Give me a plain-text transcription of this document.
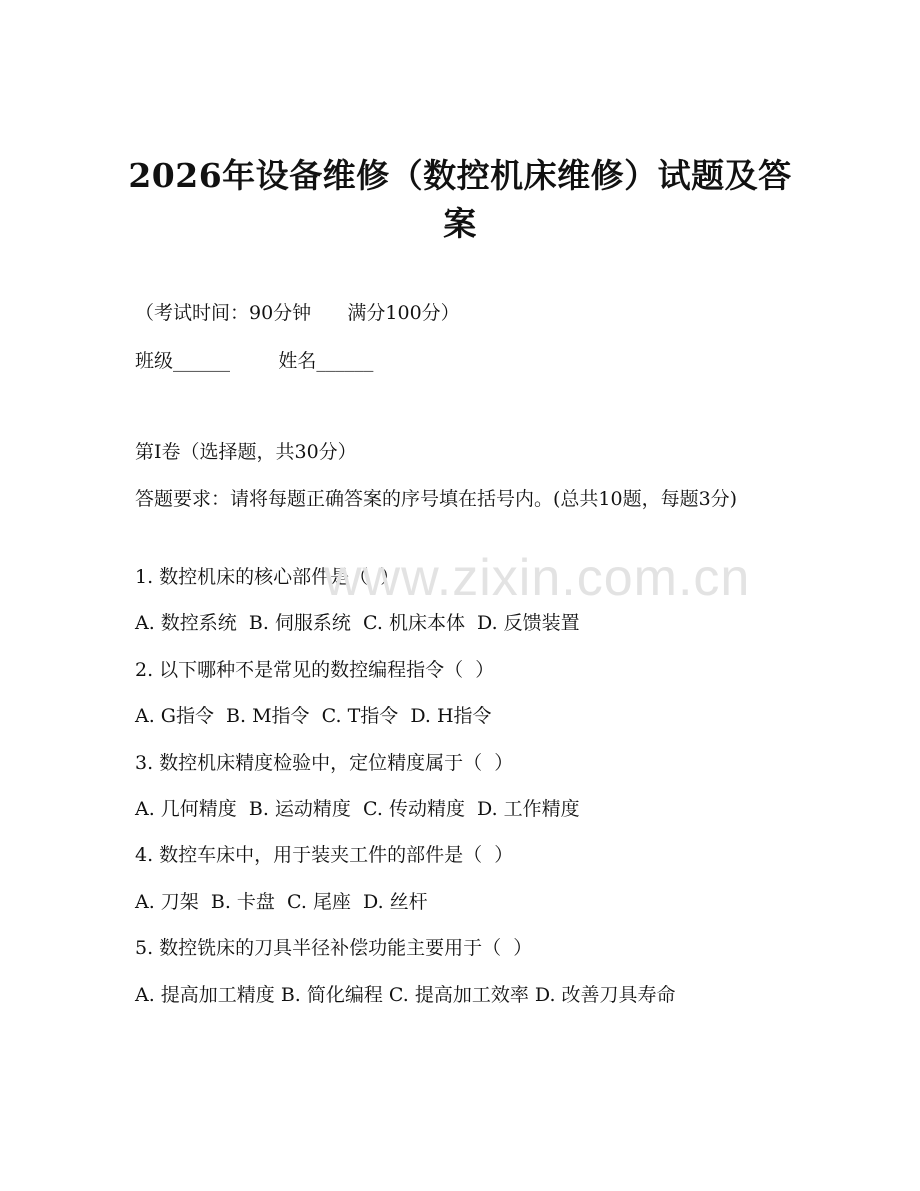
2026年设备维修（数控机床维修）试题及答案
（考试时间：90分钟      满分100分）
班级______        姓名______
第I卷（选择题，共30分）
答题要求：请将每题正确答案的序号填在括号内。(总共10题，每题3分)
1. 数控机床的核心部件是（  ）
A. 数控系统  B. 伺服系统  C. 机床本体  D. 反馈装置
2. 以下哪种不是常见的数控编程指令（  ）
A. G指令  B. M指令  C. T指令  D. H指令
3. 数控机床精度检验中，定位精度属于（  ）
A. 几何精度  B. 运动精度  C. 传动精度  D. 工作精度
4. 数控车床中，用于装夹工件的部件是（  ）
A. 刀架  B. 卡盘  C. 尾座  D. 丝杆
5. 数控铣床的刀具半径补偿功能主要用于（  ）
A. 提高加工精度 B. 简化编程 C. 提高加工效率 D. 改善刀具寿命
www.zixin.com.cn
